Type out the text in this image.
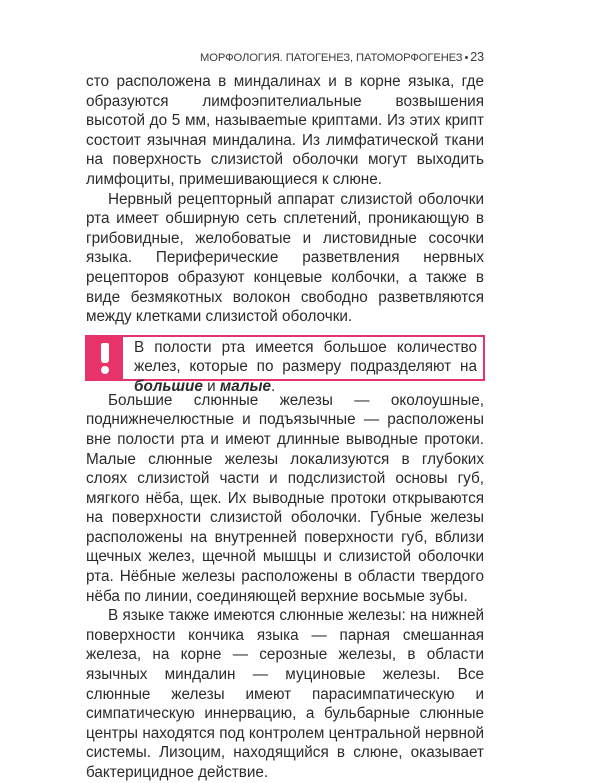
МОРФОЛОГИЯ. ПАТОГЕНЕЗ, ПАТОМОРФОГЕНЕЗ • 23

сто расположена в миндалинах и в корне языка, где образуются лимфоэпителиальные возвышения высотой до 5 мм, называеmые криптами. Из этих крипт состоит язычная миндалина. Из лимфатической ткани на поверхность слизистой оболочки могут выходить лимфоциты, примешивающиеся к слюне.

Нервный рецепторный аппарат слизистой оболочки рта имеет обширную сеть сплетений, проникающую в грибовидные, желобоватые и листовидные сосочки языка. Периферические разветвления нервных рецепторов образуют концевые колбочки, а также в виде безмякотных волокон свободно разветвляются между клетками слизистой оболочки.

В полости рта имеется большое количество желез, которые по размеру подразделяют на большие и малые.

Большие слюнные железы — околоушные, поднижнечелюстные и подъязычные — расположены вне полости рта и имеют длинные выводные протоки. Малые слюнные железы локализуются в глубоких слоях слизистой части и подслизистой основы губ, мягкого нёба, щек. Их выводные протоки открываются на поверхности слизистой оболочки. Губные железы расположены на внутренней поверхности губ, вблизи щечных желез, щечной мышцы и слизистой оболочки рта. Нёбные железы расположены в области твердого нёба по линии, соединяющей верхние восьмые зубы.

В языке также имеются слюнные железы: на нижней поверхности кончика языка — парная смешанная железа, на корне — серозные железы, в области язычных миндалин — муциновые железы. Все слюнные железы имеют парасимпатическую и симпатическую иннервацию, а бульбарные слюнные центры находятся под контролем центральной нервной системы. Лизоцим, находящийся в слюне, оказывает бактерицидное действие.
